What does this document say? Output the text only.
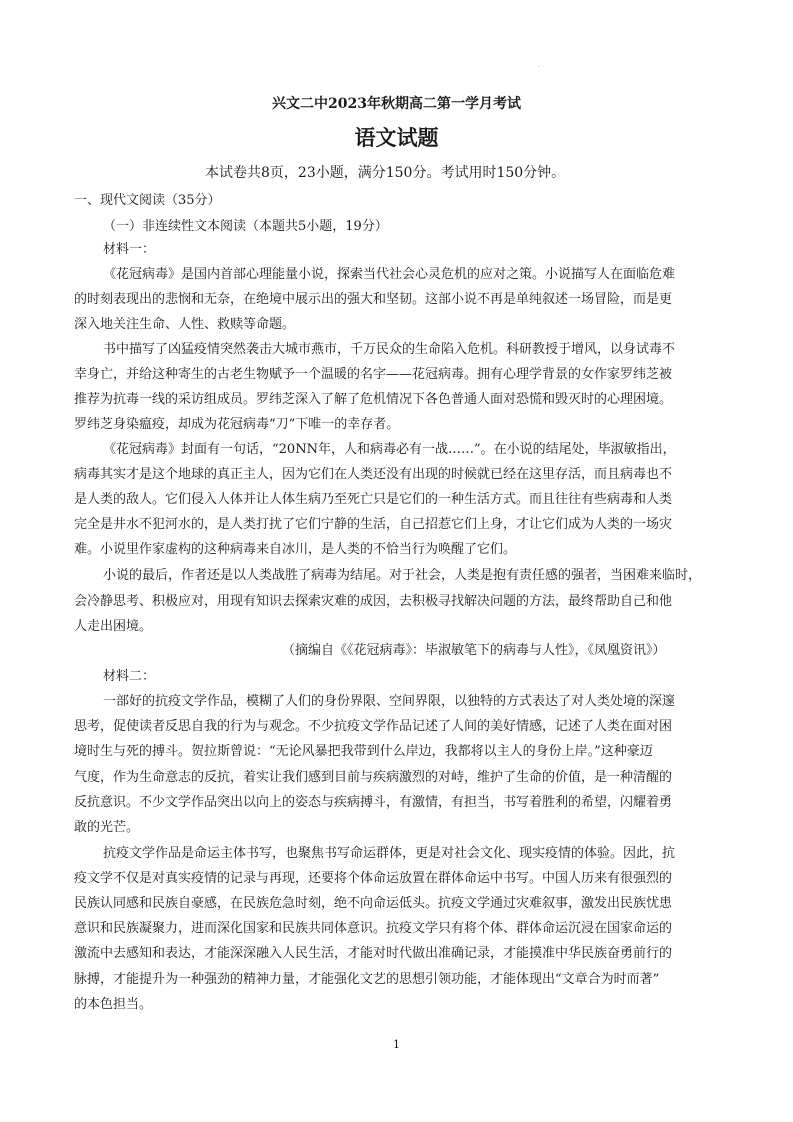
·
兴文二中2023年秋期高二第一学月考试
语文试题
本试卷共8页，23小题，满分150分。考试用时150分钟。
一、现代文阅读（35分）
（一）非连续性文本阅读（本题共5小题，19分）
材料一：
《花冠病毒》是国内首部心理能量小说，探索当代社会心灵危机的应对之策。小说描写人在面临危难
的时刻表现出的悲悯和无奈，在绝境中展示出的强大和坚韧。这部小说不再是单纯叙述一场冒险，而是更
深入地关注生命、人性、救赎等命题。
书中描写了凶猛疫情突然袭击大城市燕市，千万民众的生命陷入危机。科研教授于增风，以身试毒不
幸身亡，并给这种寄生的古老生物赋予一个温暖的名字——花冠病毒。拥有心理学背景的女作家罗纬芝被
推荐为抗毒一线的采访组成员。罗纬芝深入了解了危机情况下各色普通人面对恐慌和毁灭时的心理困境。
罗纬芝身染瘟疫，却成为花冠病毒“刀”下唯一的幸存者。
《花冠病毒》封面有一句话，“20NN年，人和病毒必有一战……”。在小说的结尾处，毕淑敏指出，
病毒其实才是这个地球的真正主人，因为它们在人类还没有出现的时候就已经在这里存活，而且病毒也不
是人类的敌人。它们侵入人体并让人体生病乃至死亡只是它们的一种生活方式。而且往往有些病毒和人类
完全是井水不犯河水的，是人类打扰了它们宁静的生活，自己招惹它们上身，才让它们成为人类的一场灾
难。小说里作家虚构的这种病毒来自冰川，是人类的不恰当行为唤醒了它们。
小说的最后，作者还是以人类战胜了病毒为结尾。对于社会，人类是抱有责任感的强者，当困难来临时，
会冷静思考、积极应对，用现有知识去探索灾难的成因，去积极寻找解决问题的方法，最终帮助自己和他
人走出困境。
（摘编自《《花冠病毒》：毕淑敏笔下的病毒与人性》，《凤凰资讯》）
材料二：
一部好的抗疫文学作品，模糊了人们的身份界限、空间界限，以独特的方式表达了对人类处境的深邃
思考，促使读者反思自我的行为与观念。不少抗疫文学作品记述了人间的美好情感，记述了人类在面对困
境时生与死的搏斗。贺拉斯曾说：“无论风暴把我带到什么岸边，我都将以主人的身份上岸。”这种豪迈
气度，作为生命意志的反抗，着实让我们感到目前与疾病激烈的对峙，维护了生命的价值，是一种清醒的
反抗意识。不少文学作品突出以向上的姿态与疾病搏斗，有激情，有担当，书写着胜利的希望，闪耀着勇
敢的光芒。
抗疫文学作品是命运主体书写，也聚焦书写命运群体，更是对社会文化、现实疫情的体验。因此，抗
疫文学不仅是对真实疫情的记录与再现，还要将个体命运放置在群体命运中书写。中国人历来有很强烈的
民族认同感和民族自豪感，在民族危急时刻，绝不向命运低头。抗疫文学通过灾难叙事，激发出民族忧患
意识和民族凝聚力，进而深化国家和民族共同体意识。抗疫文学只有将个体、群体命运沉浸在国家命运的
激流中去感知和表达，才能深深融入人民生活，才能对时代做出准确记录，才能摸准中华民族奋勇前行的
脉搏，才能提升为一种强劲的精神力量，才能强化文艺的思想引领功能，才能体现出“文章合为时而著”
的本色担当。
1
